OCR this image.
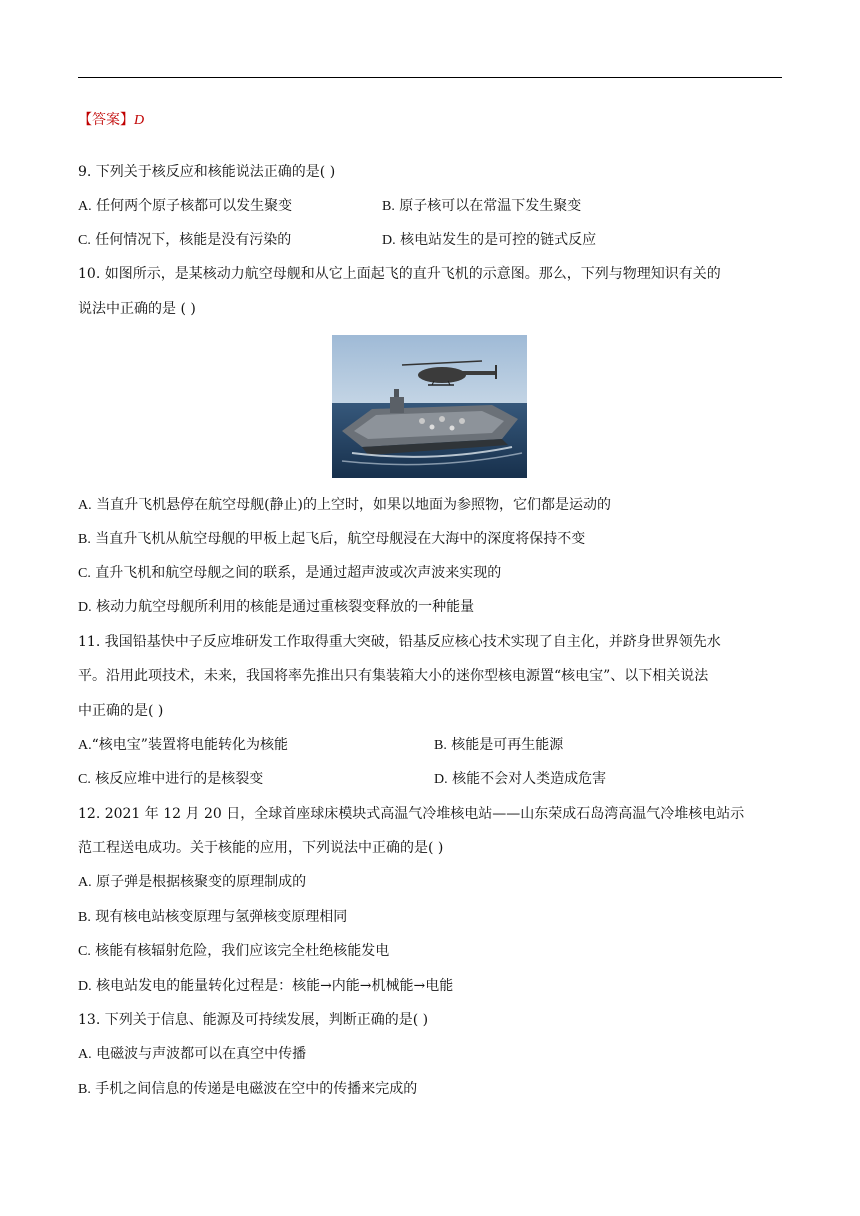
【答案】D
9. 下列关于核反应和核能说法正确的是( )
A. 任何两个原子核都可以发生聚变	B. 原子核可以在常温下发生聚变
C. 任何情况下，核能是没有污染的	D. 核电站发生的是可控的链式反应
10. 如图所示，是某核动力航空母舰和从它上面起飞的直升飞机的示意图。那么，下列与物理知识有关的
说法中正确的是 ( )
A. 当直升飞机悬停在航空母舰(静止)的上空时，如果以地面为参照物，它们都是运动的
B. 当直升飞机从航空母舰的甲板上起飞后，航空母舰浸在大海中的深度将保持不变
C. 直升飞机和航空母舰之间的联系，是通过超声波或次声波来实现的
D. 核动力航空母舰所利用的核能是通过重核裂变释放的一种能量
11. 我国铅基快中子反应堆研发工作取得重大突破，铅基反应核心技术实现了自主化，并跻身世界领先水
平。沿用此项技术，未来，我国将率先推出只有集装箱大小的迷你型核电源置“核电宝”、以下相关说法
中正确的是( )
A.“核电宝”装置将电能转化为核能	B. 核能是可再生能源
C. 核反应堆中进行的是核裂变	D. 核能不会对人类造成危害
12. 2021 年 12 月 20 日，全球首座球床模块式高温气冷堆核电站——山东荣成石岛湾高温气冷堆核电站示
范工程送电成功。关于核能的应用，下列说法中正确的是( )
A. 原子弹是根据核聚变的原理制成的
B. 现有核电站核变原理与氢弹核变原理相同
C. 核能有核辐射危险，我们应该完全杜绝核能发电
D. 核电站发电的能量转化过程是：核能→内能→机械能→电能
13. 下列关于信息、能源及可持续发展，判断正确的是( )
A. 电磁波与声波都可以在真空中传播
B. 手机之间信息的传递是电磁波在空中的传播来完成的
